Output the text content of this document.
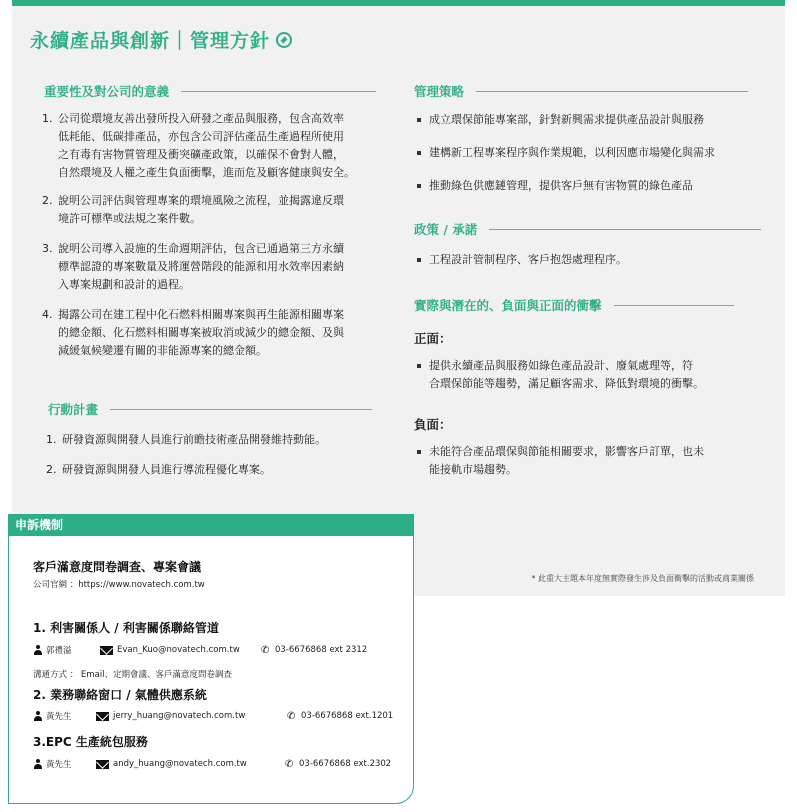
永續產品與創新｜管理方針
重要性及對公司的意義
1. 公司從環境友善出發所投入研發之產品與服務，包含高效率
低耗能、低碳排產品，亦包含公司評估產品生產過程所使用
之有毒有害物質管理及衝突礦產政策，以確保不會對人體，
自然環境及人權之產生負面衝擊，進而危及顧客健康與安全。
2. 說明公司評估與管理專案的環境風險之流程，並揭露違反環
境許可標準或法規之案件數。
3. 說明公司導入設施的生命週期評估，包含已通過第三方永續
標準認證的專案數量及將運營階段的能源和用水效率因素納
入專案規劃和設計的過程。
4. 揭露公司在建工程中化石燃料相關專案與再生能源相關專案
的總金額、化石燃料相關專案被取消或減少的總金額、及與
減緩氣候變遷有關的非能源專案的總金額。
行動計畫
1. 研發資源與開發人員進行前瞻技術產品開發維持動能。
2. 研發資源與開發人員進行導流程優化專案。
管理策略
成立環保節能專案部，針對新興需求提供產品設計與服務
建構新工程專案程序與作業規範，以利因應市場變化與需求
推動綠色供應鏈管理，提供客戶無有害物質的綠色產品
政策 / 承諾
工程設計管制程序、客戶抱怨處理程序。
實際與潛在的、負面與正面的衝擊
正面：
提供永續產品與服務如綠色產品設計、廢氣處理等，符
合環保節能等趨勢，滿足顧客需求、降低對環境的衝擊。
負面：
未能符合產品環保與節能相關要求，影響客戶訂單，也未
能接軌市場趨勢。
* 此重大主題本年度無實際發生涉及負面衝擊的活動或商業關係
申訴機制
客戶滿意度問卷調查、專案會議
公司官網 ：https://www.novatech.com.tw
1. 利害關係人 / 利害關係聯絡管道
郭禮溢	Evan_Kuo@novatech.com.tw	✆ 03-6676868 ext 2312
溝通方式 ： Email、定期會議、客戶滿意度問卷調查
2. 業務聯絡窗口 / 氣體供應系統
黃先生	jerry_huang@novatech.com.tw	✆ 03-6676868 ext.1201
3.EPC 生產統包服務
黃先生	andy_huang@novatech.com.tw	✆ 03-6676868 ext.2302
